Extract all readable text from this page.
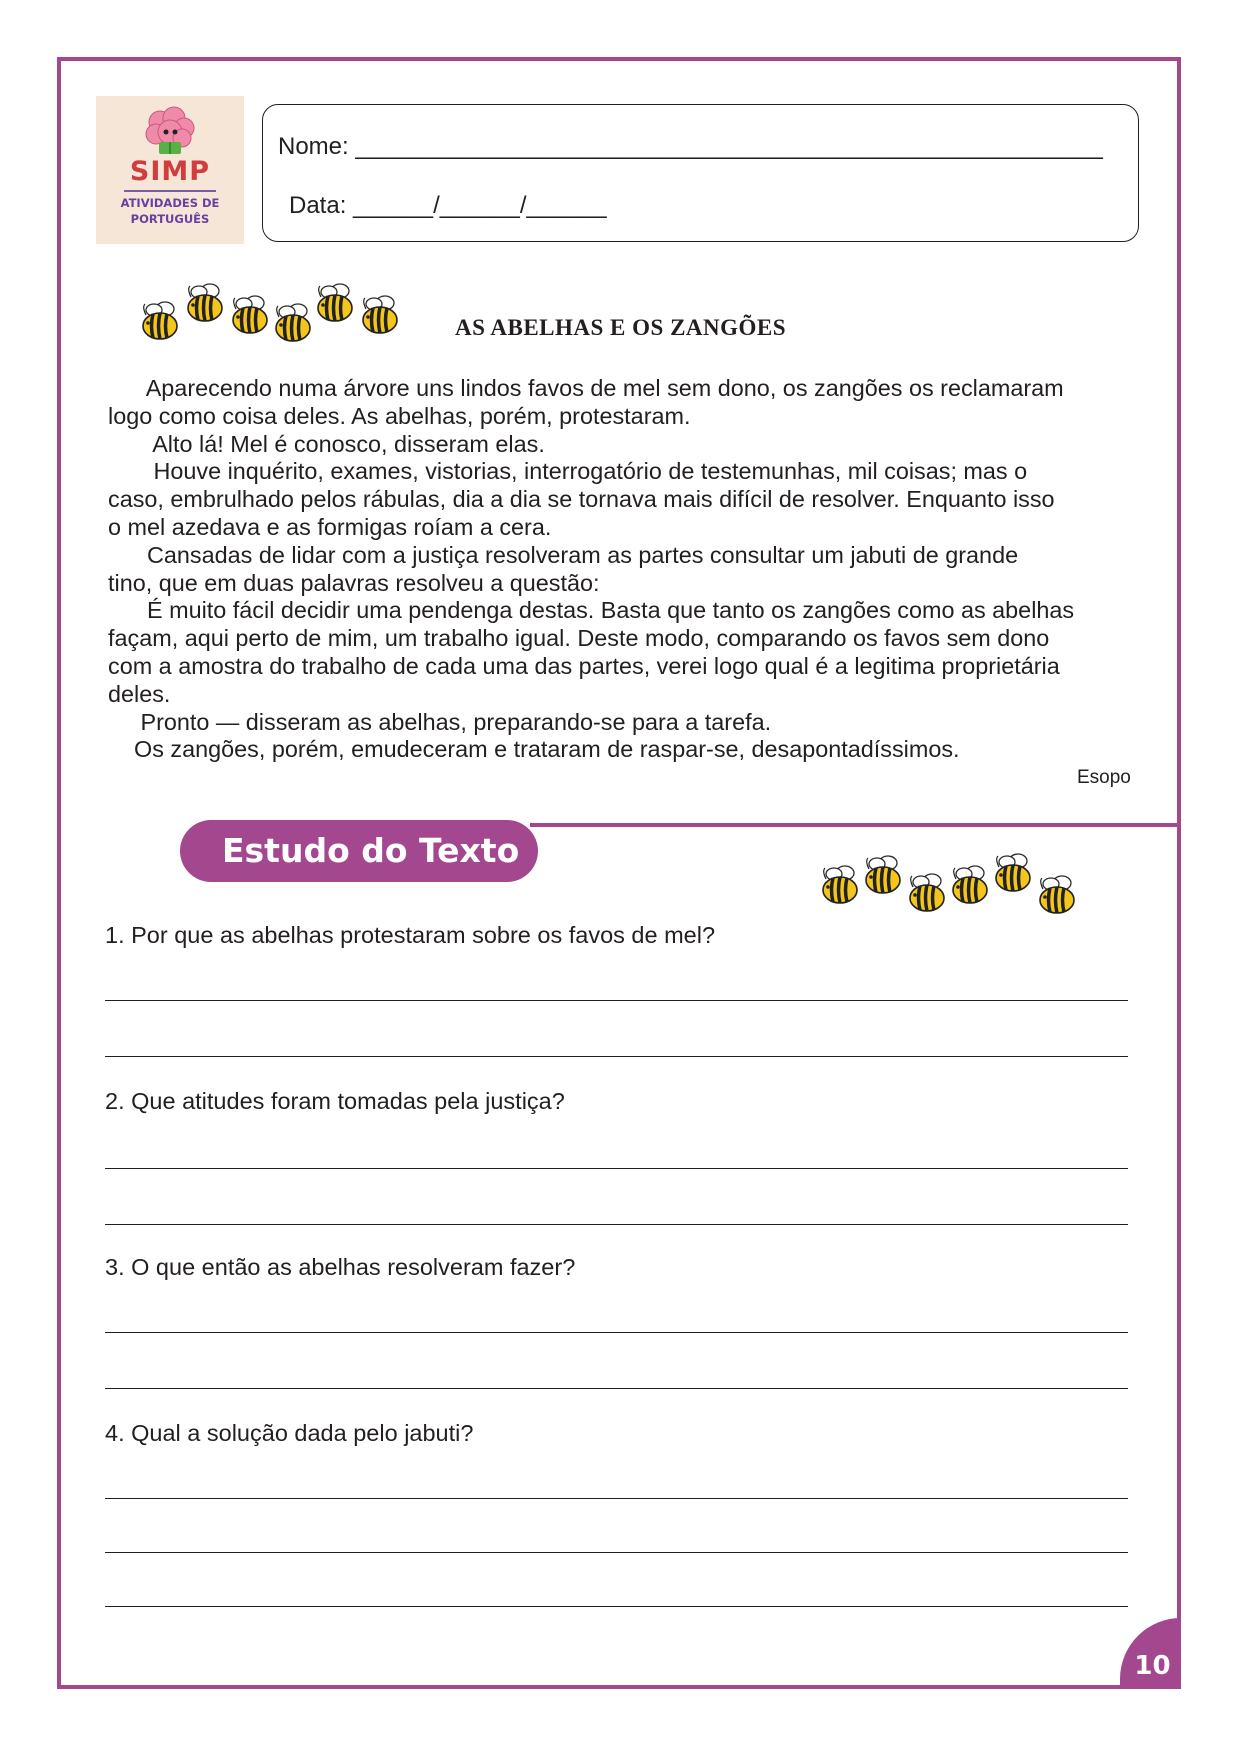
SIMP
ATIVIDADES DE
PORTUGUÊS
Nome: ________________________________________________________
Data: ______/______/______
AS ABELHAS E OS ZANGÕES

Aparecendo numa árvore uns lindos favos de mel sem dono, os zangões os reclamaram

logo como coisa deles. As abelhas, porém, protestaram.

Alto lá! Mel é conosco, disseram elas.

Houve inquérito, exames, vistorias, interrogatório de testemunhas, mil coisas; mas o

caso, embrulhado pelos rábulas, dia a dia se tornava mais difícil de resolver. Enquanto isso

o mel azedava e as formigas roíam a cera.

Cansadas de lidar com a justiça resolveram as partes consultar um jabuti de grande

tino, que em duas palavras resolveu a questão:

É muito fácil decidir uma pendenga destas. Basta que tanto os zangões como as abelhas

façam, aqui perto de mim, um trabalho igual. Deste modo, comparando os favos sem dono

com a amostra do trabalho de cada uma das partes, verei logo qual é a legitima proprietária

deles.

Pronto — disseram as abelhas, preparando-se para a tarefa.

Os zangões, porém, emudeceram e trataram de raspar-se, desapontadíssimos.

Esopo
Estudo do Texto
1. Por que as abelhas protestaram sobre os favos de mel?
2. Que atitudes foram tomadas pela justiça?
3. O que então as abelhas resolveram fazer?
4. Qual a solução dada pelo jabuti?
10
